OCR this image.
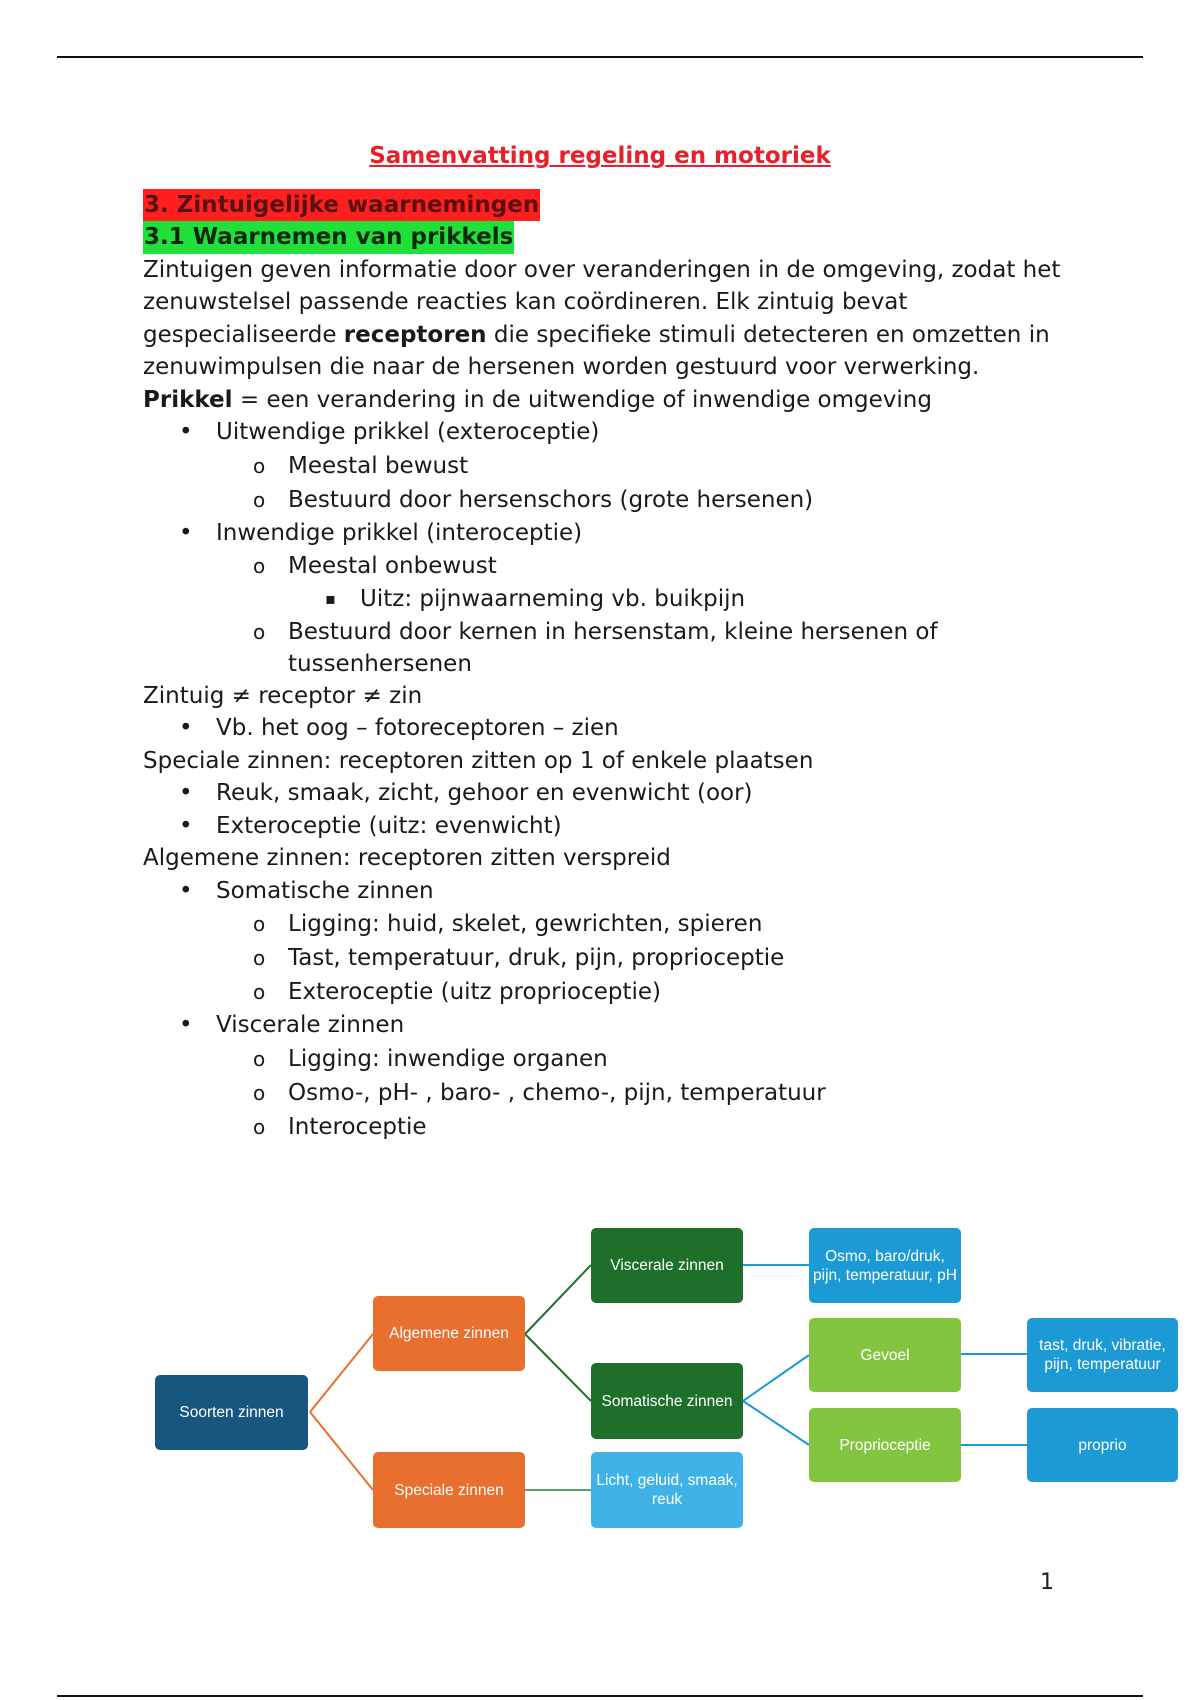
Samenvatting regeling en motoriek
3. Zintuigelijke waarnemingen
3.1 Waarnemen van prikkels

Zintuigen geven informatie door over veranderingen in de omgeving, zodat het zenuwstelsel passende reacties kan coördineren. Elk zintuig bevat gespecialiseerde receptoren die specifieke stimuli detecteren en omzetten in zenuwimpulsen die naar de hersenen worden gestuurd voor verwerking.

Prikkel = een verandering in de uitwendige of inwendige omgeving

• Uitwendige prikkel (exteroceptie)
o Meestal bewust
o Bestuurd door hersenschors (grote hersenen)
• Inwendige prikkel (interoceptie)
o Meestal onbewust
▪ Uitz: pijnwaarneming vb. buikpijn
o Bestuurd door kernen in hersenstam, kleine hersenen of tussenhersenen

Zintuig ≠ receptor ≠ zin

• Vb. het oog – fotoreceptoren – zien

Speciale zinnen: receptoren zitten op 1 of enkele plaatsen

• Reuk, smaak, zicht, gehoor en evenwicht (oor)
• Exteroceptie (uitz: evenwicht)

Algemene zinnen: receptoren zitten verspreid

• Somatische zinnen
o Ligging: huid, skelet, gewrichten, spieren
o Tast, temperatuur, druk, pijn, proprioceptie
o Exteroceptie (uitz proprioceptie)
• Viscerale zinnen
o Ligging: inwendige organen
o Osmo-, pH- , baro- , chemo-, pijn, temperatuur
o Interoceptie
Soorten zinnen
Algemene zinnen
Speciale zinnen
Viscerale zinnen
Somatische zinnen
Licht, geluid, smaak, reuk
Osmo, baro/druk, pijn, temperatuur, pH
Gevoel
Proprioceptie
tast, druk, vibratie, pijn, temperatuur
proprio
1
